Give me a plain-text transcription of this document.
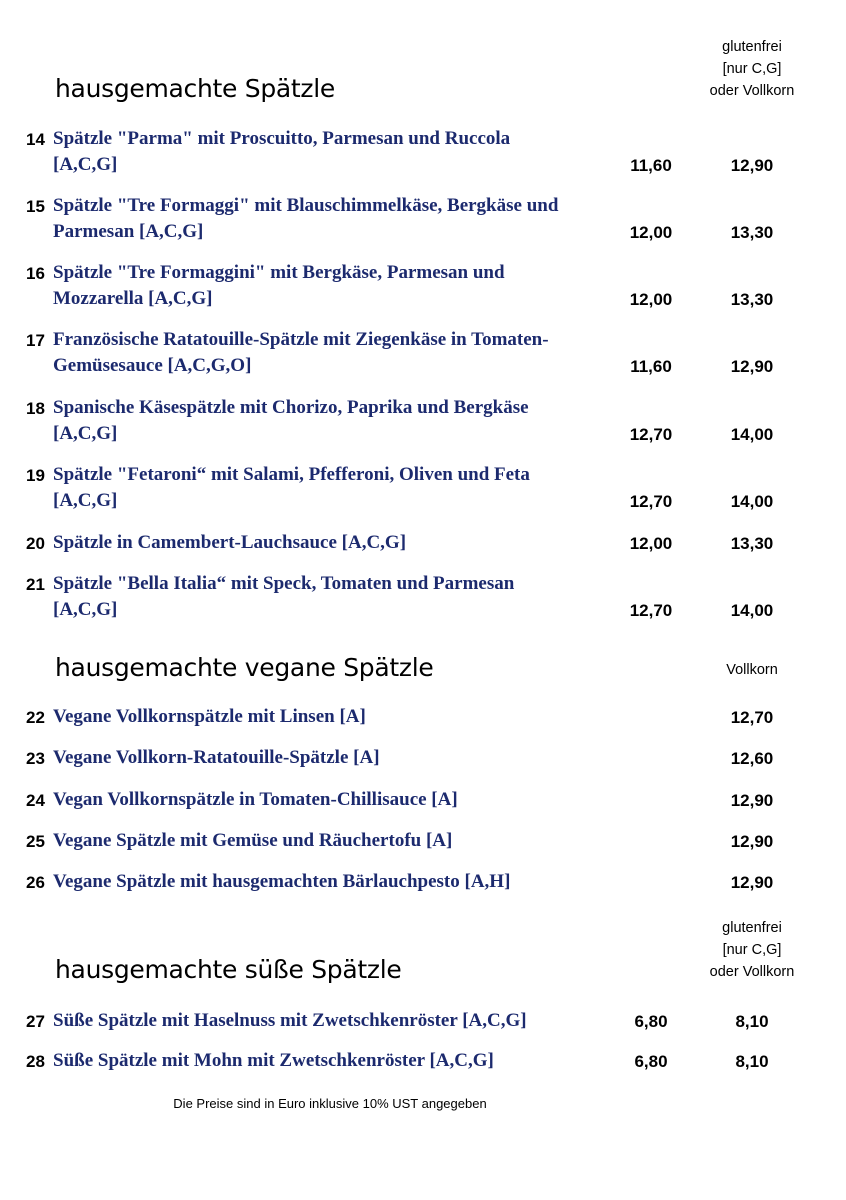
glutenfrei
[nur C,G]
oder Vollkorn
hausgemachte Spätzle
14 Spätzle "Parma" mit Proscuitto, Parmesan und Ruccola
[A,C,G]	11,60	12,90
15 Spätzle "Tre Formaggi" mit Blauschimmelkäse, Bergkäse und
Parmesan [A,C,G]	12,00	13,30
16 Spätzle "Tre Formaggini" mit Bergkäse, Parmesan und
Mozzarella [A,C,G]	12,00	13,30
17 Französische Ratatouille-Spätzle mit Ziegenkäse in Tomaten-
Gemüsesauce [A,C,G,O]	11,60	12,90
18 Spanische Käsespätzle mit Chorizo, Paprika und Bergkäse
[A,C,G]	12,70	14,00
19 Spätzle "Fetaroni“ mit Salami, Pfefferoni, Oliven und Feta
[A,C,G]	12,70	14,00
20 Spätzle in Camembert-Lauchsauce [A,C,G]	12,00	13,30
21 Spätzle "Bella Italia“ mit Speck, Tomaten und Parmesan
[A,C,G]	12,70	14,00
hausgemachte vegane Spätzle	Vollkorn
22 Vegane Vollkornspätzle mit Linsen [A]	12,70
23 Vegane Vollkorn-Ratatouille-Spätzle [A]	12,60
24 Vegan Vollkornspätzle in Tomaten-Chillisauce [A]	12,90
25 Vegane Spätzle mit Gemüse und Räuchertofu [A]	12,90
26 Vegane Spätzle mit hausgemachten Bärlauchpesto [A,H]	12,90
glutenfrei
[nur C,G]
oder Vollkorn
hausgemachte süße Spätzle
27 Süße Spätzle mit Haselnuss mit Zwetschkenröster [A,C,G]	6,80	8,10
28 Süße Spätzle mit Mohn mit Zwetschkenröster [A,C,G]	6,80	8,10
Die Preise sind in Euro inklusive 10% UST angegeben
